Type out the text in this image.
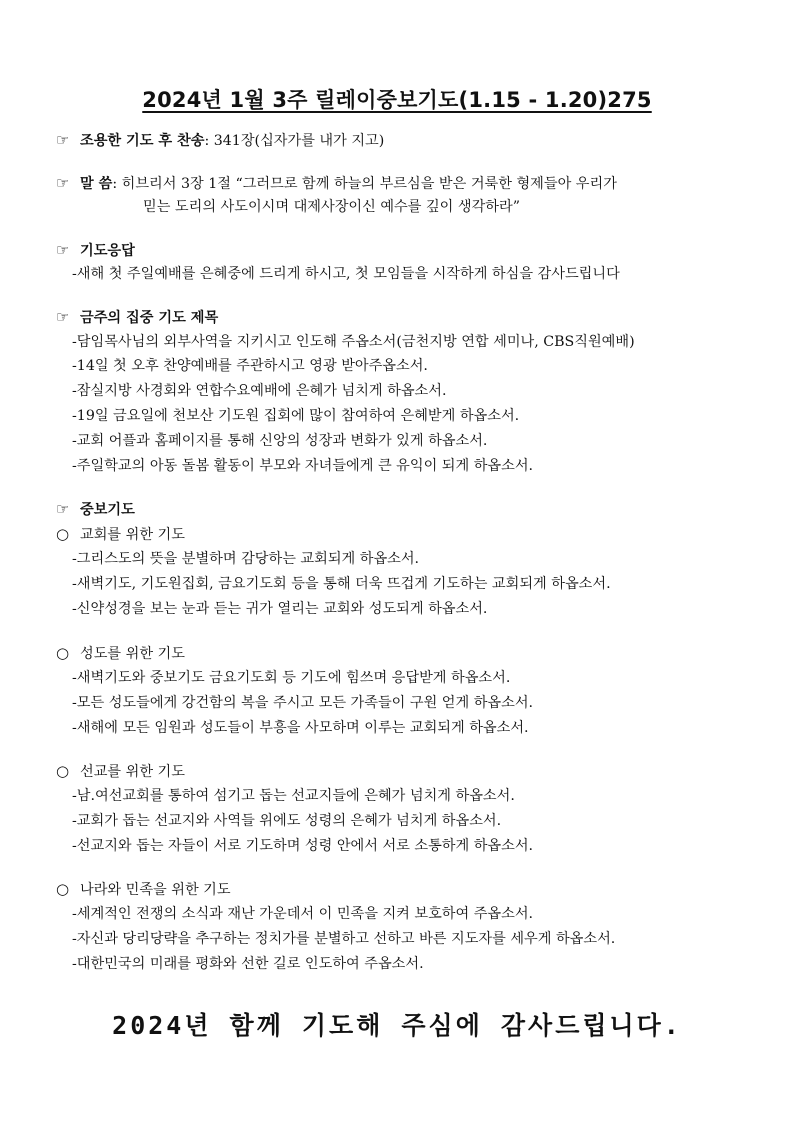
2024년 1월 3주 릴레이중보기도(1.15 - 1.20)275
☞ 조용한 기도 후 찬송: 341장(십자가를 내가 지고)
☞ 말 씀: 히브리서 3장 1절 “그러므로 함께 하늘의 부르심을 받은 거룩한 형제들아 우리가
믿는 도리의 사도이시며 대제사장이신 예수를 깊이 생각하라”
☞ 기도응답
-새해 첫 주일예배를 은혜중에 드리게 하시고, 첫 모임들을 시작하게 하심을 감사드립니다
☞ 금주의 집중 기도 제목
-담임목사님의 외부사역을 지키시고 인도해 주옵소서(금천지방 연합 세미나, CBS직원예배)
-14일 첫 오후 찬양예배를 주관하시고 영광 받아주옵소서.
-잠실지방 사경회와 연합수요예배에 은혜가 넘치게 하옵소서.
-19일 금요일에 천보산 기도원 집회에 많이 참여하여 은혜받게 하옵소서.
-교회 어플과 홈페이지를 통해 신앙의 성장과 변화가 있게 하옵소서.
-주일학교의 아동 돌봄 활동이 부모와 자녀들에게 큰 유익이 되게 하옵소서.
☞ 중보기도
○ 교회를 위한 기도
-그리스도의 뜻을 분별하며 감당하는 교회되게 하옵소서.
-새벽기도, 기도원집회, 금요기도회 등을 통해 더욱 뜨겁게 기도하는 교회되게 하옵소서.
-신약성경을 보는 눈과 듣는 귀가 열리는 교회와 성도되게 하옵소서.
○ 성도를 위한 기도
-새벽기도와 중보기도 금요기도회 등 기도에 힘쓰며 응답받게 하옵소서.
-모든 성도들에게 강건함의 복을 주시고 모든 가족들이 구원 얻게 하옵소서.
-새해에 모든 임원과 성도들이 부흥을 사모하며 이루는 교회되게 하옵소서.
○ 선교를 위한 기도
-남.여선교회를 통하여 섬기고 돕는 선교지들에 은혜가 넘치게 하옵소서.
-교회가 돕는 선교지와 사역들 위에도 성령의 은혜가 넘치게 하옵소서.
-선교지와 돕는 자들이 서로 기도하며 성령 안에서 서로 소통하게 하옵소서.
○ 나라와 민족을 위한 기도
-세계적인 전쟁의 소식과 재난 가운데서 이 민족을 지켜 보호하여 주옵소서.
-자신과 당리당략을 추구하는 정치가를 분별하고 선하고 바른 지도자를 세우게 하옵소서.
-대한민국의 미래를 평화와 선한 길로 인도하여 주옵소서.
2024년 함께 기도해 주심에 감사드립니다.
